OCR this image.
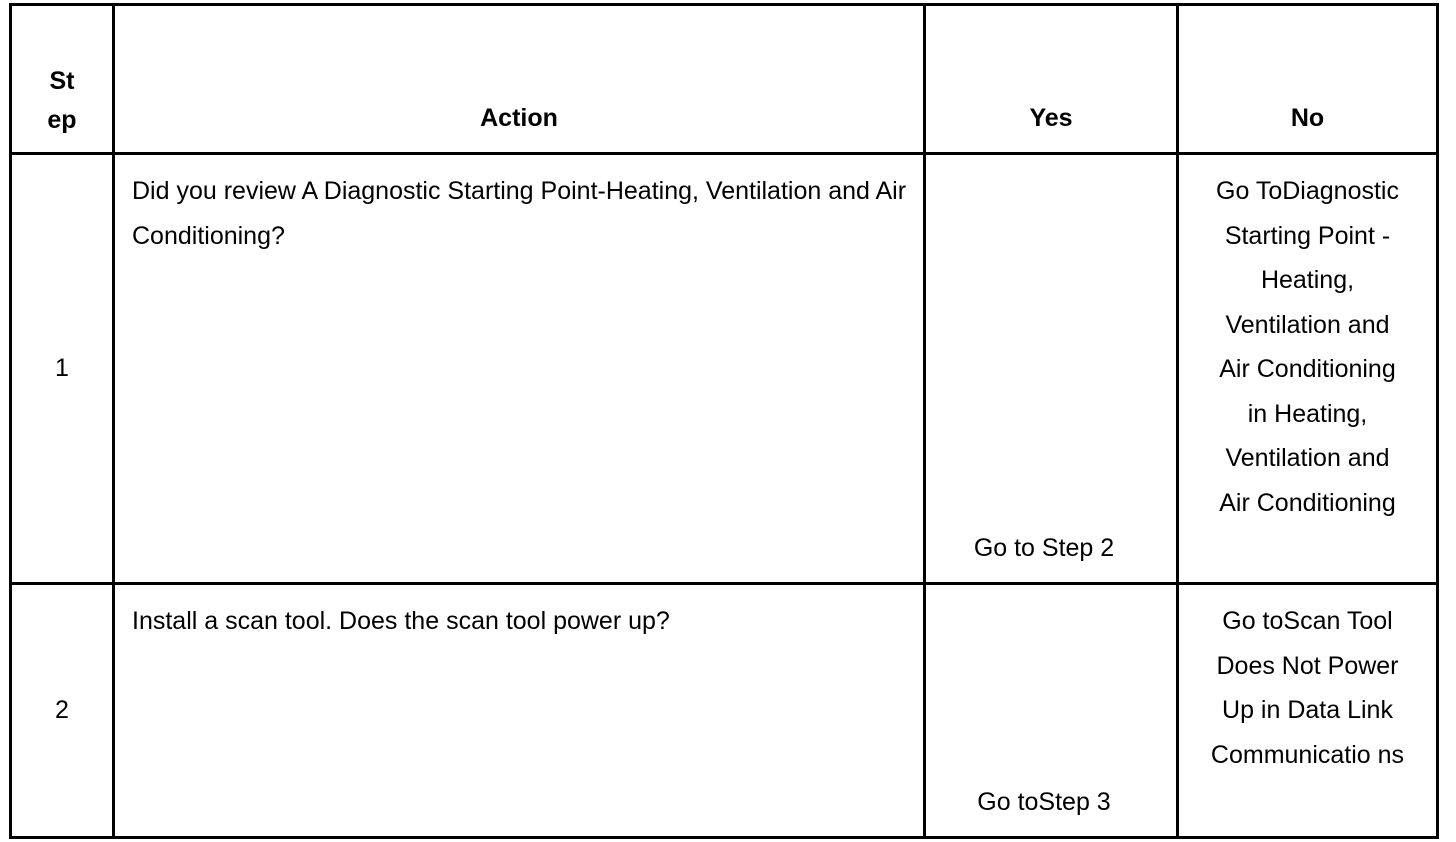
St ep	Action	Yes	No
1	Did you review A Diagnostic Starting Point-Heating, Ventilation and Air Conditioning?	Go to Step 2	Go ToDiagnostic Starting Point - Heating, Ventilation and Air Conditioning in Heating, Ventilation and Air Conditioning
2	Install a scan tool. Does the scan tool power up?	Go toStep 3	Go toScan Tool Does Not Power Up in Data Link Communicatio ns
